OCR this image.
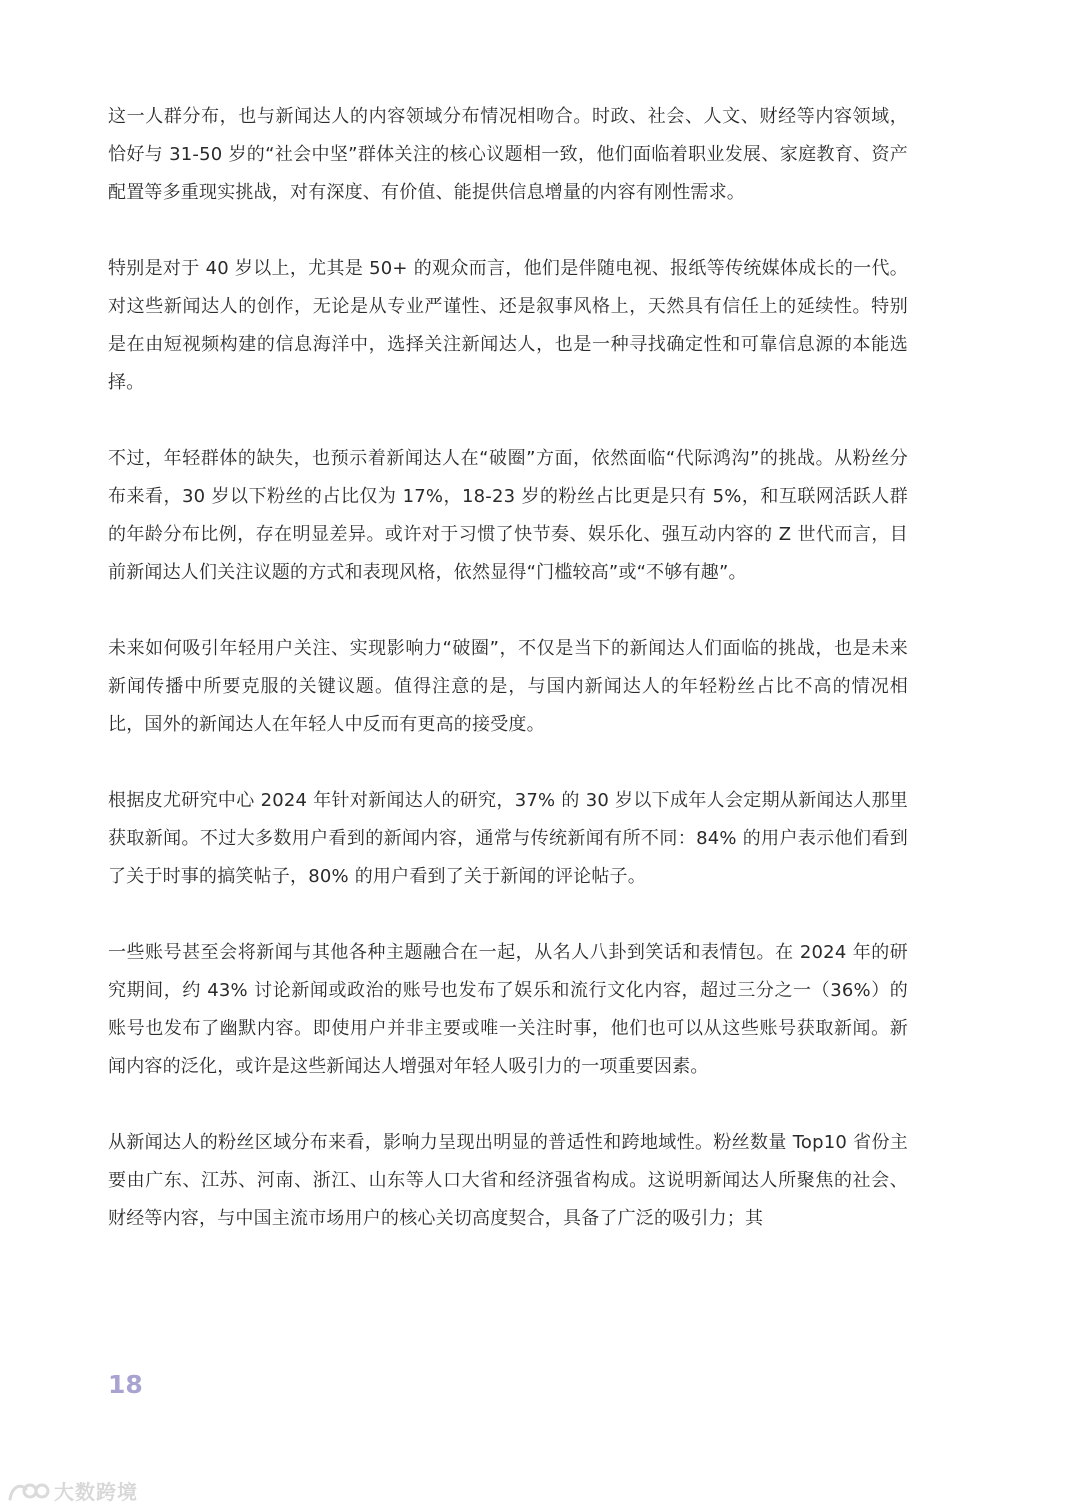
这一人群分布，也与新闻达人的内容领域分布情况相吻合。时政、社会、人文、财经等内容领域，恰好与 31-50 岁的“社会中坚”群体关注的核心议题相一致，他们面临着职业发展、家庭教育、资产配置等多重现实挑战，对有深度、有价值、能提供信息增量的内容有刚性需求。

特别是对于 40 岁以上，尤其是 50+ 的观众而言，他们是伴随电视、报纸等传统媒体成长的一代。对这些新闻达人的创作，无论是从专业严谨性、还是叙事风格上，天然具有信任上的延续性。特别是在由短视频构建的信息海洋中，选择关注新闻达人，也是一种寻找确定性和可靠信息源的本能选择。

不过，年轻群体的缺失，也预示着新闻达人在“破圈”方面，依然面临“代际鸿沟”的挑战。从粉丝分布来看，30 岁以下粉丝的占比仅为 17%，18-23 岁的粉丝占比更是只有 5%，和互联网活跃人群的年龄分布比例，存在明显差异。或许对于习惯了快节奏、娱乐化、强互动内容的 Z 世代而言，目前新闻达人们关注议题的方式和表现风格，依然显得“门槛较高”或“不够有趣”。

未来如何吸引年轻用户关注、实现影响力“破圈”，不仅是当下的新闻达人们面临的挑战，也是未来新闻传播中所要克服的关键议题。值得注意的是，与国内新闻达人的年轻粉丝占比不高的情况相比，国外的新闻达人在年轻人中反而有更高的接受度。

根据皮尤研究中心 2024 年针对新闻达人的研究，37% 的 30 岁以下成年人会定期从新闻达人那里获取新闻。不过大多数用户看到的新闻内容，通常与传统新闻有所不同：84% 的用户表示他们看到了关于时事的搞笑帖子，80% 的用户看到了关于新闻的评论帖子。

一些账号甚至会将新闻与其他各种主题融合在一起，从名人八卦到笑话和表情包。在 2024 年的研究期间，约 43% 讨论新闻或政治的账号也发布了娱乐和流行文化内容，超过三分之一（36%）的账号也发布了幽默内容。即使用户并非主要或唯一关注时事，他们也可以从这些账号获取新闻。新闻内容的泛化，或许是这些新闻达人增强对年轻人吸引力的一项重要因素。

从新闻达人的粉丝区域分布来看，影响力呈现出明显的普适性和跨地域性。粉丝数量 Top10 省份主要由广东、江苏、河南、浙江、山东等人口大省和经济强省构成。这说明新闻达人所聚焦的社会、财经等内容，与中国主流市场用户的核心关切高度契合，具备了广泛的吸引力；其

18
大数跨境
